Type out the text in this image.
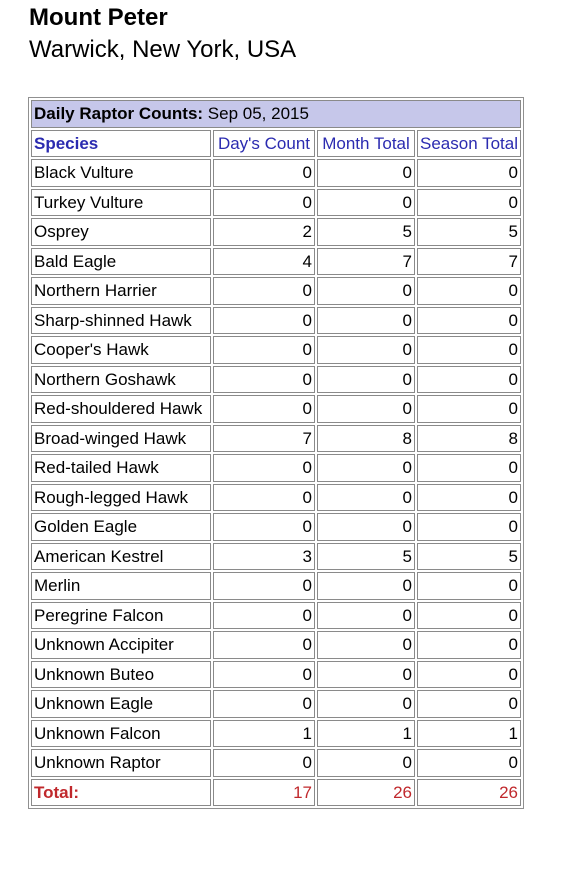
Mount Peter
Warwick, New York, USA
Daily Raptor Counts: Sep 05, 2015			
Species	Day's Count	Month Total	Season Total
Black Vulture	0	0	0
Turkey Vulture	0	0	0
Osprey	2	5	5
Bald Eagle	4	7	7
Northern Harrier	0	0	0
Sharp-shinned Hawk	0	0	0
Cooper's Hawk	0	0	0
Northern Goshawk	0	0	0
Red-shouldered Hawk	0	0	0
Broad-winged Hawk	7	8	8
Red-tailed Hawk	0	0	0
Rough-legged Hawk	0	0	0
Golden Eagle	0	0	0
American Kestrel	3	5	5
Merlin	0	0	0
Peregrine Falcon	0	0	0
Unknown Accipiter	0	0	0
Unknown Buteo	0	0	0
Unknown Eagle	0	0	0
Unknown Falcon	1	1	1
Unknown Raptor	0	0	0
Total:	17	26	26
